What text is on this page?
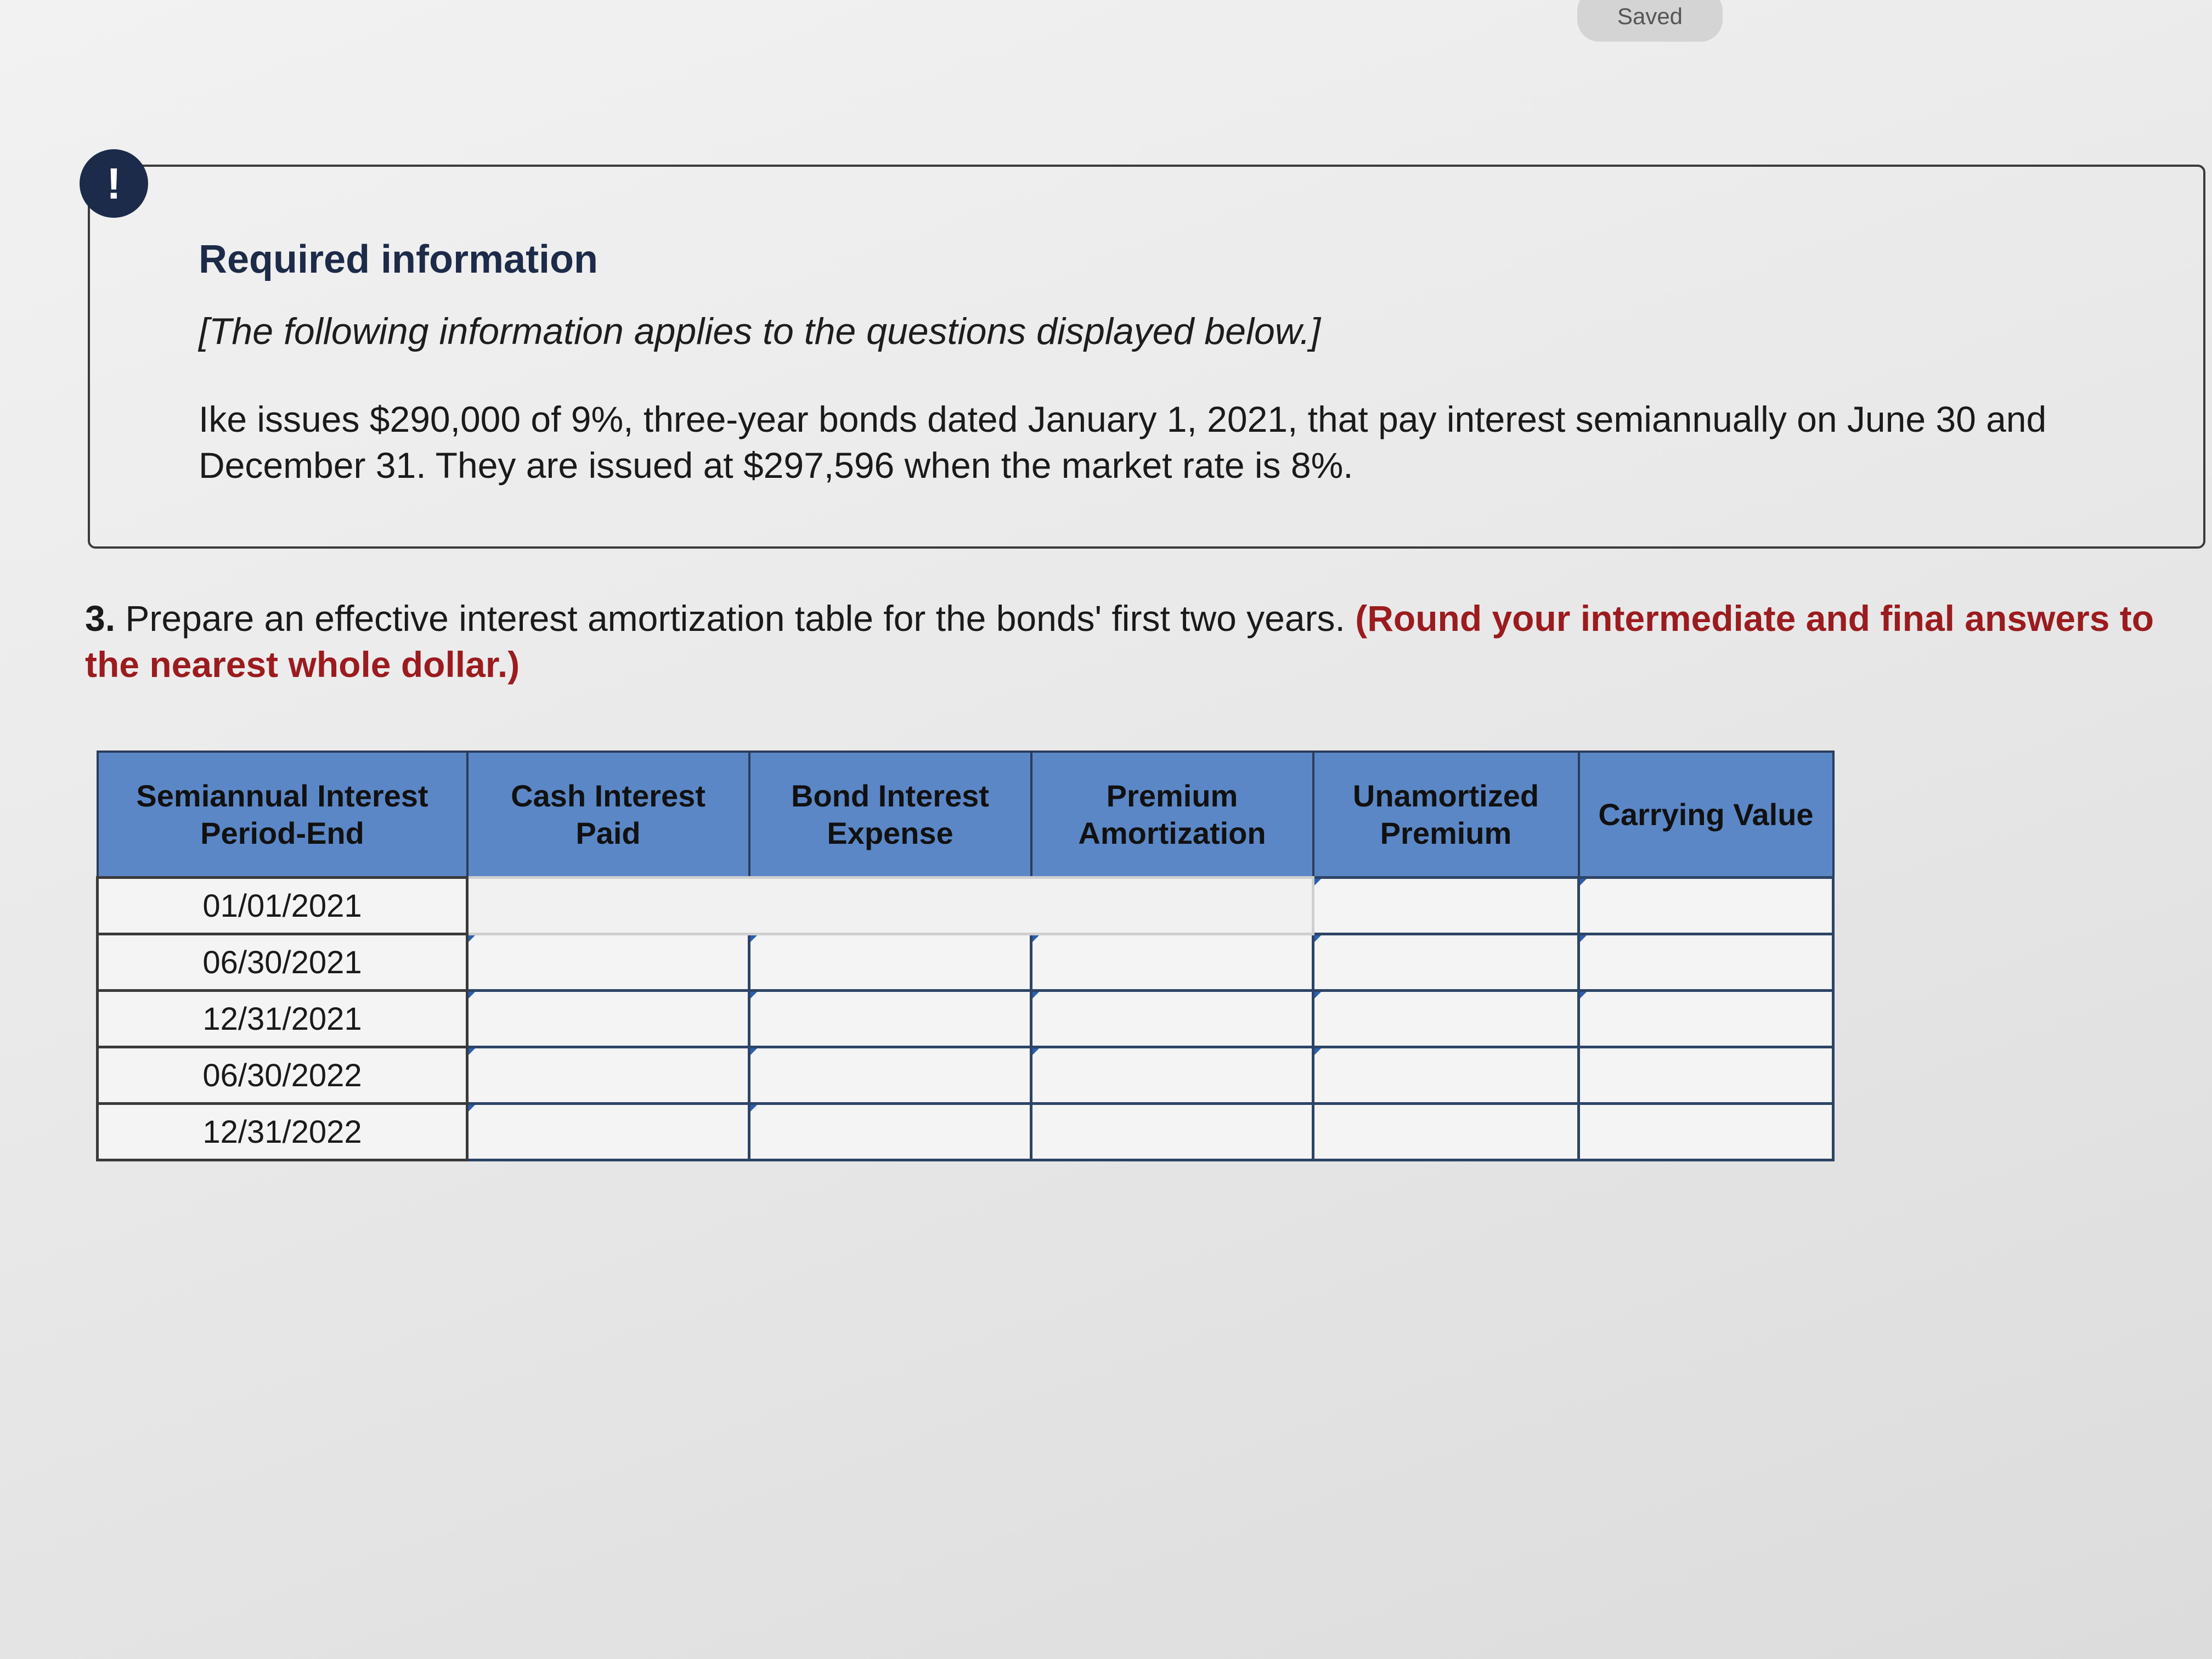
Saved
!
Required information
[The following information applies to the questions displayed below.]
Ike issues $290,000 of 9%, three-year bonds dated January 1, 2021, that pay interest semiannually on June 30 and December 31. They are issued at $297,596 when the market rate is 8%.
3. Prepare an effective interest amortization table for the bonds' first two years. (Round your intermediate and final answers to the nearest whole dollar.)
Semiannual Interest Period-End	Cash Interest Paid	Bond Interest Expense	Premium Amortization	Unamortized Premium	Carrying Value
01/01/2021		

06/30/2021	

12/31/2021	

06/30/2022	

12/31/2022	
